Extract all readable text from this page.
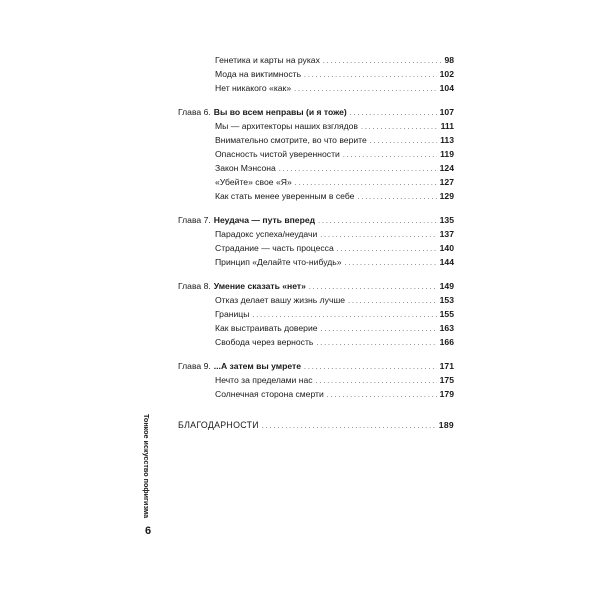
Генетика и карты на руках . . .	98
Мода на виктимность . . .	102
Нет никакого «как» . . .	104
Глава 6. Вы во всем неправы (и я тоже) . . .	107
Мы — архитекторы наших взглядов . . .	111
Внимательно смотрите, во что верите . . .	113
Опасность чистой уверенности . . .	119
Закон Мэнсона . . .	124
«Убейте» свое «Я» . . .	127
Как стать менее уверенным в себе . . .	129
Глава 7. Неудача — путь вперед . . .	135
Парадокс успеха/неудачи . . .	137
Страдание — часть процесса . . .	140
Принцип «Делайте что-нибудь» . . .	144
Глава 8. Умение сказать «нет» . . .	149
Отказ делает вашу жизнь лучше . . .	153
Границы . . .	155
Как выстраивать доверие . . .	163
Свобода через верность . . .	166
Глава 9. ...А затем вы умрете . . .	171
Нечто за пределами нас . . .	175
Солнечная сторона смерти . . .	179
БЛАГОДАРНОСТИ . . .	189
Тонкое искусство пофигизма
6
